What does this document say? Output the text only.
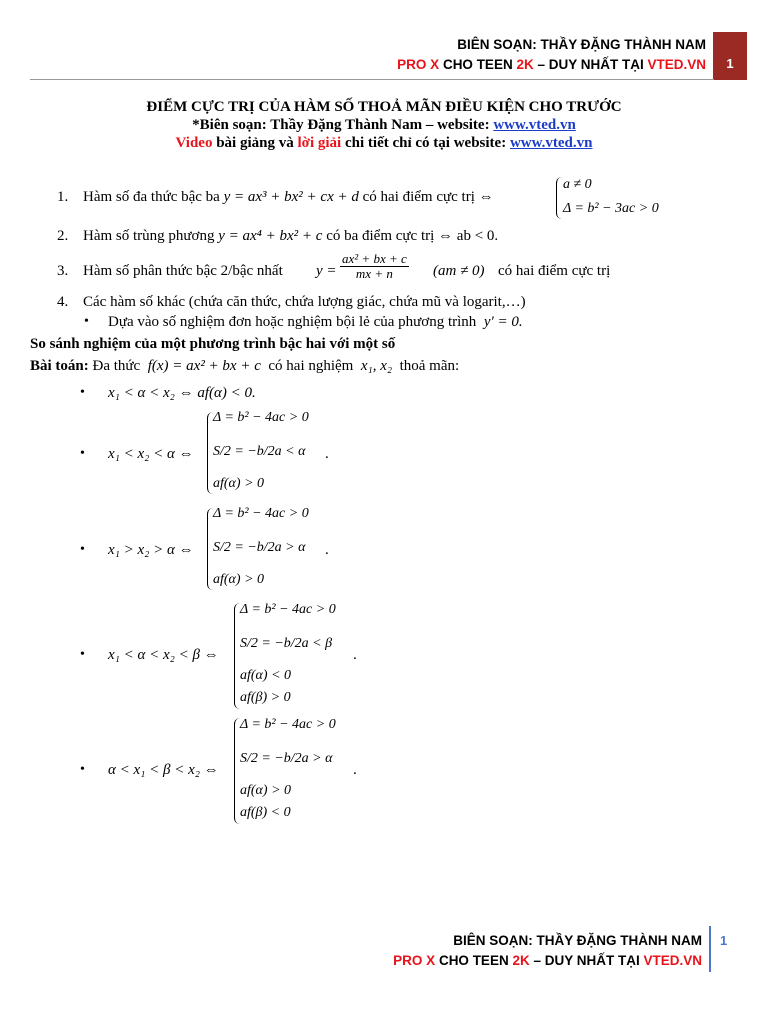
BIÊN SOẠN: THẦY ĐẶNG THÀNH NAM
PRO X CHO TEEN 2K – DUY NHẤT TẠI VTED.VN	1
ĐIỂM CỰC TRỊ CỦA HÀM SỐ THOẢ MÃN ĐIỀU KIỆN CHO TRƯỚC
*Biên soạn: Thầy Đặng Thành Nam – website: www.vted.vn
Video bài giảng và lời giải chi tiết chỉ có tại website: www.vted.vn
1. Hàm số đa thức bậc ba y = ax³ + bx² + cx + d có hai điểm cực trị ⇔
a ≠ 0
Δ = b² − 3ac > 0
2. Hàm số trùng phương y = ax⁴ + bx² + c có ba điểm cực trị ⇔ ab < 0.
3. Hàm số phân thức bậc 2/bậc nhất $y = \frac{\text{ax² + bx + c}}{mx + n} (am \ne 0)$ có hai điểm cực trị
4. Các hàm số khác (chứa căn thức, chứa lượng giác, chứa mũ và logarit,…)
• Dựa vào số nghiệm đơn hoặc nghiệm bội lẻ của phương trình y′ = 0.
So sánh nghiệm của một phương trình bậc hai với một số
Bài toán: Đa thức f(x) = ax² + bx + c có hai nghiệm x₁, x₂ thoả mãn:
• x₁ < α < x₂ ⇔ af(α) < 0.
• x₁ < x₂ < α ⇔
Δ = b² − 4ac > 0
S/2 = −b/2a < α
af(α) > 0
.
• x₁ > x₂ > α ⇔
Δ = b² − 4ac > 0
S/2 = −b/2a > α
af(α) > 0
.
• x₁ < α < x₂ < β ⇔
Δ = b² − 4ac > 0
S/2 = −b/2a < β
af(α) < 0
af(β) > 0
.
• α < x₁ < β < x₂ ⇔
Δ = b² − 4ac > 0
S/2 = −b/2a > α
af(α) > 0
af(β) < 0
.
BIÊN SOẠN: THẦY ĐẶNG THÀNH NAM
PRO X CHO TEEN 2K – DUY NHẤT TẠI VTED.VN
1
